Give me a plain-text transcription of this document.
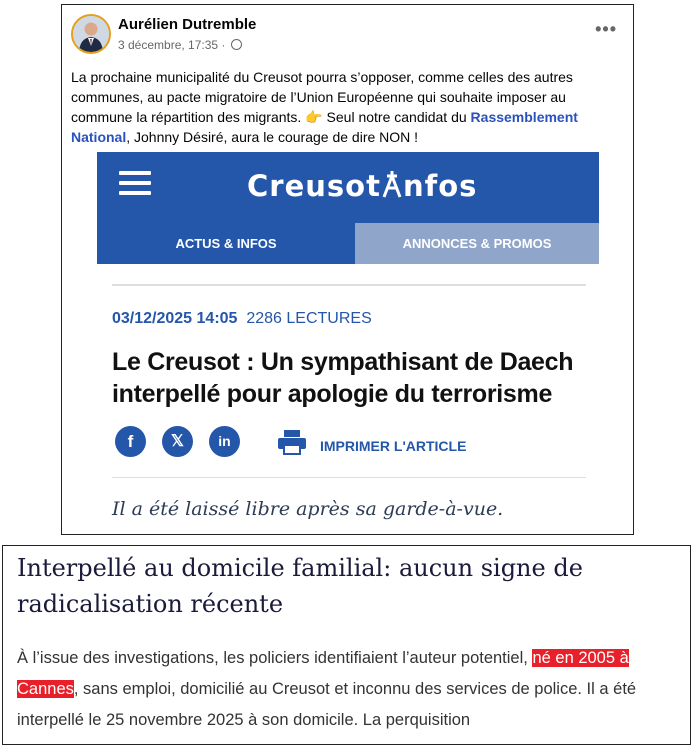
Aurélien Dutremble
3 décembre, 17:35 ·
•••
La prochaine municipalité du Creusot pourra s’opposer, comme celles des autres communes, au pacte migratoire de l’Union Européenne qui souhaite imposer au commune la répartition des migrants. 👉 Seul notre candidat du Rassemblement National, Johnny Désiré, aura le courage de dire NON !
Creusot nfos
ACTUS & INFOS	ANNONCES & PROMOS
03/12/2025 14:05 2286 LECTURES
Le Creusot : Un sympathisant de Daech interpellé pour apologie du terrorisme
f	𝕏	in	IMPRIMER L'ARTICLE
Il a été laissé libre après sa garde-à-vue.
Interpellé au domicile familial: aucun signe de radicalisation récente
À l’issue des investigations, les policiers identifiaient l’auteur potentiel, né en 2005 à Cannes, sans emploi, domicilié au Creusot et inconnu des services de police. Il a été interpellé le 25 novembre 2025 à son domicile. La perquisition
